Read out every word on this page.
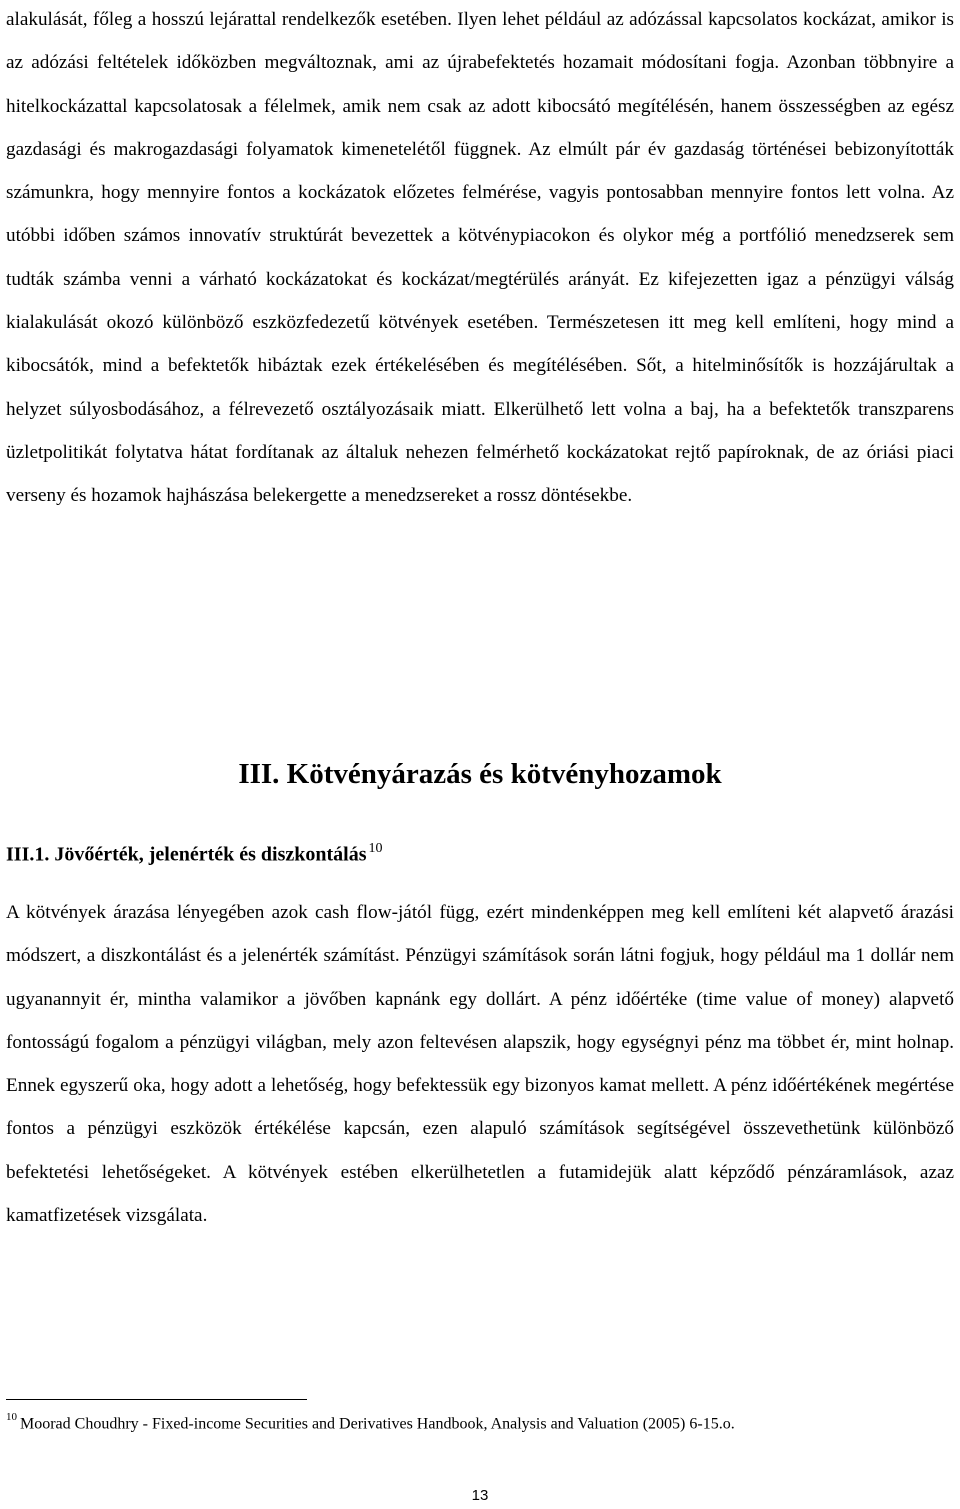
alakulását, főleg a hosszú lejárattal rendelkezők esetében. Ilyen lehet például az adózással kapcsolatos kockázat, amikor is az adózási feltételek időközben megváltoznak, ami az újrabefektetés hozamait módosítani fogja. Azonban többnyire a hitelkockázattal kapcsolatosak a félelmek, amik nem csak az adott kibocsátó megítélésén, hanem összességben az egész gazdasági és makrogazdasági folyamatok kimenetelétől függnek. Az elmúlt pár év gazdaság történései bebizonyították számunkra, hogy mennyire fontos a kockázatok előzetes felmérése, vagyis pontosabban mennyire fontos lett volna. Az utóbbi időben számos innovatív struktúrát bevezettek a kötvénypiacokon és olykor még a portfólió menedzserek sem tudták számba venni a várható kockázatokat és kockázat/megtérülés arányát. Ez kifejezetten igaz a pénzügyi válság kialakulását okozó különböző eszközfedezetű kötvények esetében. Természetesen itt meg kell említeni, hogy mind a kibocsátók, mind a befektetők hibáztak ezek értékelésében és megítélésében. Sőt, a hitelminősítők is hozzájárultak a helyzet súlyosbodásához, a félrevezető osztályozásaik miatt. Elkerülhető lett volna a baj, ha a befektetők transzparens üzletpolitikát folytatva hátat fordítanak az általuk nehezen felmérhető kockázatokat rejtő papíroknak, de az óriási piaci verseny és hozamok hajhászása belekergette a menedzsereket a rossz döntésekbe.

III. Kötvényárazás és kötvényhozamok
III.1. Jövőérték, jelenérték és diszkontálás $^{10}$

A kötvények árazása lényegében azok cash flow-jától függ, ezért mindenképpen meg kell említeni két alapvető árazási módszert, a diszkontálást és a jelenérték számítást. Pénzügyi számítások során látni fogjuk, hogy például ma 1 dollár nem ugyanannyit ér, mintha valamikor a jövőben kapnánk egy dollárt. A pénz időértéke (time value of money) alapvető fontosságú fogalom a pénzügyi világban, mely azon feltevésen alapszik, hogy egységnyi pénz ma többet ér, mint holnap. Ennek egyszerű oka, hogy adott a lehetőség, hogy befektessük egy bizonyos kamat mellett. A pénz időértékének megértése fontos a pénzügyi eszközök értékélése kapcsán, ezen alapuló számítások segítségével összevethetünk különböző befektetési lehetőségeket. A kötvények estében elkerülhetetlen a futamidejük alatt képződő pénzáramlások, azaz kamatfizetések vizsgálata.

$^{10}$ Moorad Choudhry - Fixed-income Securities and Derivatives Handbook, Analysis and Valuation (2005) 6-15.o.

13
